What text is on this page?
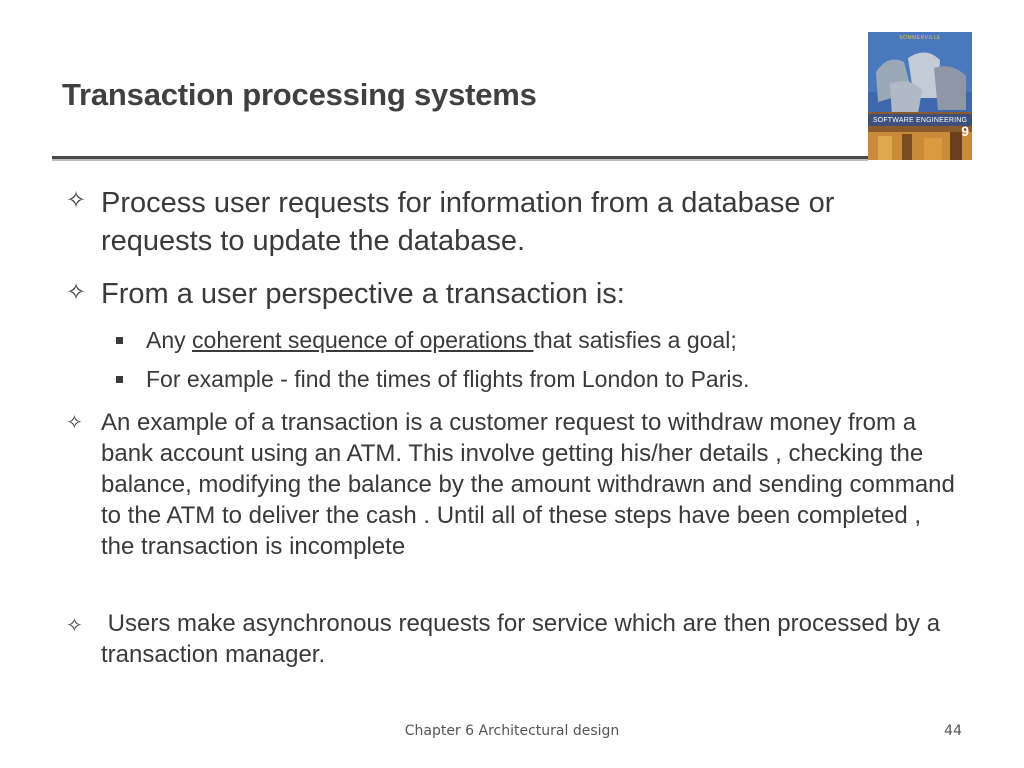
Transaction processing systems
SOMMERVILLE
SOFTWARE ENGINEERING
9
✧ Process user requests for information from a database or requests to update the database.
✧ From a user perspective a transaction is:
Any coherent sequence of operations that satisfies a goal;
For example - find the times of flights from London to Paris.
✧ An example of a transaction is a customer request to withdraw money from a bank account using an ATM. This involve getting his/her details , checking the balance, modifying the balance by the amount withdrawn and sending command to the ATM to deliver the cash . Until all of these steps have been completed , the transaction is incomplete
✧ Users make asynchronous requests for service which are then processed by a transaction manager.
Chapter 6 Architectural design	44
